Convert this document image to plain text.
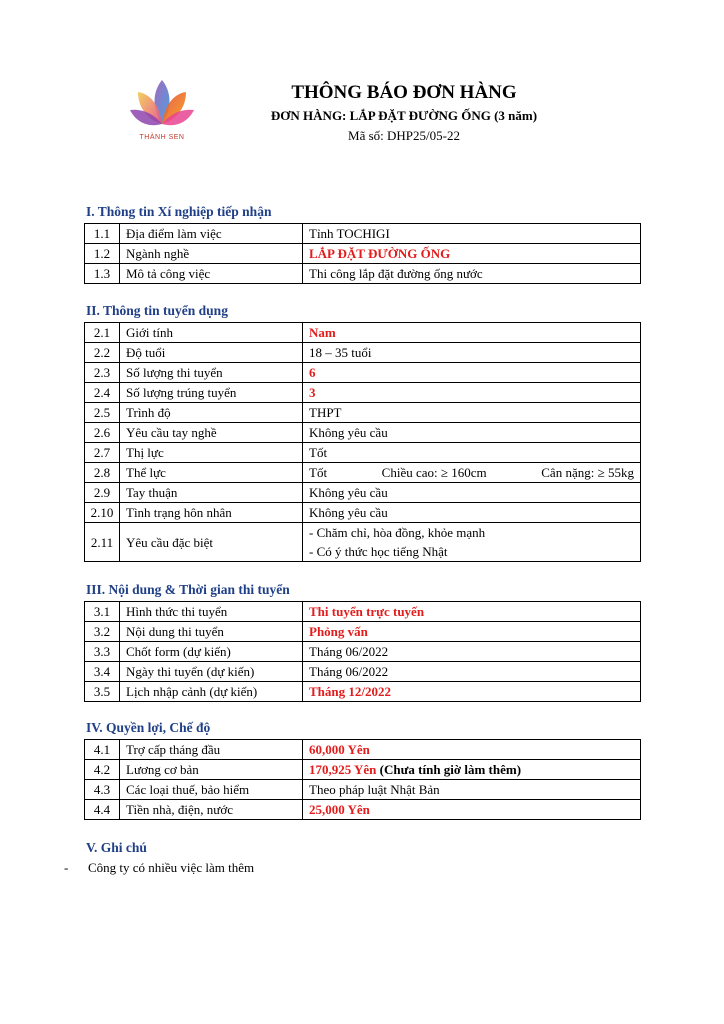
THÀNH SEN

THÔNG BÁO ĐƠN HÀNG

ĐƠN HÀNG: LẮP ĐẶT ĐƯỜNG ỐNG (3 năm)

Mã số: DHP25/05-22

I. Thông tin Xí nghiệp tiếp nhận
1.1	Địa điểm làm việc	Tỉnh TOCHIGI
1.2	Ngành nghề	LẮP ĐẶT ĐƯỜNG ỐNG
1.3	Mô tả công việc	Thi công lắp đặt đường ống nước
II. Thông tin tuyển dụng
2.1	Giới tính	Nam
2.2	Độ tuổi	18 – 35 tuổi
2.3	Số lượng thi tuyển	6
2.4	Số lượng trúng tuyển	3
2.5	Trình độ	THPT
2.6	Yêu cầu tay nghề	Không yêu cầu
2.7	Thị lực	Tốt
2.8	Thể lực	Tốt Chiều cao: ≥ 160cm Cân nặng: ≥ 55kg

2.9	Tay thuận	Không yêu cầu
2.10	Tình trạng hôn nhân	Không yêu cầu
2.11	Yêu cầu đặc biệt	- Chăm chỉ, hòa đồng, khỏe mạnh
- Có ý thức học tiếng Nhật
III. Nội dung & Thời gian thi tuyển
3.1	Hình thức thi tuyển	Thi tuyển trực tuyến
3.2	Nội dung thi tuyển	Phỏng vấn
3.3	Chốt form (dự kiến)	Tháng 06/2022
3.4	Ngày thi tuyển (dự kiến)	Tháng 06/2022
3.5	Lịch nhập cảnh (dự kiến)	Tháng 12/2022
IV. Quyền lợi, Chế độ
4.1	Trợ cấp tháng đầu	60,000 Yên
4.2	Lương cơ bản	170,925 Yên (Chưa tính giờ làm thêm)
4.3	Các loại thuế, bảo hiểm	Theo pháp luật Nhật Bản
4.4	Tiền nhà, điện, nước	25,000 Yên
V. Ghi chú
- Công ty có nhiều việc làm thêm
